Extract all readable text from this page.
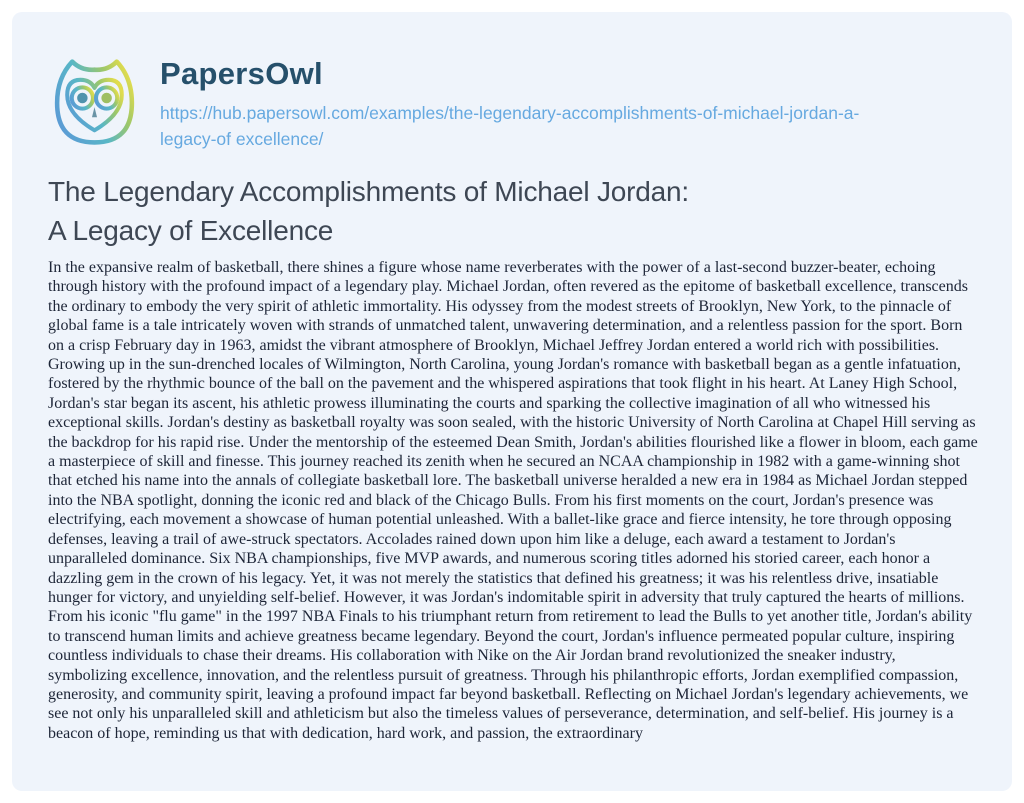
PapersOwl
https://hub.papersowl.com/examples/the-legendary-accomplishments-of-michael-jordan-a-
legacy-of excellence/
The Legendary Accomplishments of Michael Jordan:
A Legacy of Excellence

In the expansive realm of basketball, there shines a figure whose name reverberates with the power of a last-second buzzer-beater, echoing through history with the profound impact of a legendary play. Michael Jordan, often revered as the epitome of basketball excellence, transcends the ordinary to embody the very spirit of athletic immortality. His odyssey from the modest streets of Brooklyn, New York, to the pinnacle of global fame is a tale intricately woven with strands of unmatched talent, unwavering determination, and a relentless passion for the sport. Born on a crisp February day in 1963, amidst the vibrant atmosphere of Brooklyn, Michael Jeffrey Jordan entered a world rich with possibilities. Growing up in the sun-drenched locales of Wilmington, North Carolina, young Jordan's romance with basketball began as a gentle infatuation, fostered by the rhythmic bounce of the ball on the pavement and the whispered aspirations that took flight in his heart. At Laney High School, Jordan's star began its ascent, his athletic prowess illuminating the courts and sparking the collective imagination of all who witnessed his exceptional skills. Jordan's destiny as basketball royalty was soon sealed, with the historic University of North Carolina at Chapel Hill serving as the backdrop for his rapid rise. Under the mentorship of the esteemed Dean Smith, Jordan's abilities flourished like a flower in bloom, each game a masterpiece of skill and finesse. This journey reached its zenith when he secured an NCAA championship in 1982 with a game-winning shot that etched his name into the annals of collegiate basketball lore. The basketball universe heralded a new era in 1984 as Michael Jordan stepped into the NBA spotlight, donning the iconic red and black of the Chicago Bulls. From his first moments on the court, Jordan's presence was electrifying, each movement a showcase of human potential unleashed. With a ballet-like grace and fierce intensity, he tore through opposing defenses, leaving a trail of awe-struck spectators. Accolades rained down upon him like a deluge, each award a testament to Jordan's unparalleled dominance. Six NBA championships, five MVP awards, and numerous scoring titles adorned his storied career, each honor a dazzling gem in the crown of his legacy. Yet, it was not merely the statistics that defined his greatness; it was his relentless drive, insatiable hunger for victory, and unyielding self-belief. However, it was Jordan's indomitable spirit in adversity that truly captured the hearts of millions. From his iconic "flu game" in the 1997 NBA Finals to his triumphant return from retirement to lead the Bulls to yet another title, Jordan's ability to transcend human limits and achieve greatness became legendary. Beyond the court, Jordan's influence permeated popular culture, inspiring countless individuals to chase their dreams. His collaboration with Nike on the Air Jordan brand revolutionized the sneaker industry, symbolizing excellence, innovation, and the relentless pursuit of greatness. Through his philanthropic efforts, Jordan exemplified compassion, generosity, and community spirit, leaving a profound impact far beyond basketball. Reflecting on Michael Jordan's legendary achievements, we see not only his unparalleled skill and athleticism but also the timeless values of perseverance, determination, and self-belief. His journey is a beacon of hope, reminding us that with dedication, hard work, and passion, the extraordinary
